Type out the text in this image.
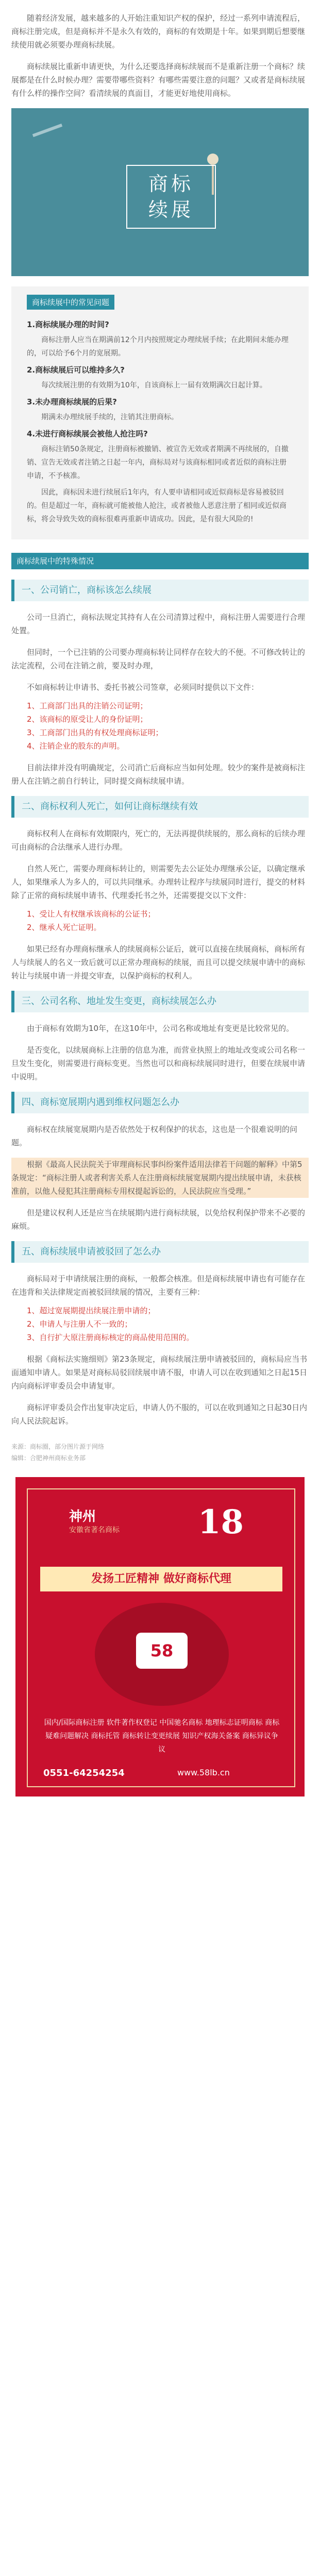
随着经济发展，越来越多的人开始注重知识产权的保护，经过一系列申请流程后，商标注册完成，但是商标并不是永久有效的，商标的有效期是十年。如果到期后想要继续使用就必须要办理商标续展。

商标续展比重新申请更快，为什么还要选择商标续展而不是重新注册一个商标？续展都是在什么时候办理？需要带哪些资料？有哪些需要注意的问题？又或者是商标续展有什么样的操作空间？看清续展的真面目，才能更好地使用商标。

商标
续展
商标续展中的常见问题
1.商标续展办理的时间?

商标注册人应当在期满前12个月内按照规定办理续展手续；在此期间未能办理的，可以给予6个月的宽展期。

2.商标续展后可以维持多久?

每次续展注册的有效期为10年，自该商标上一届有效期满次日起计算。

3.未办理商标续展的后果?

期满未办理续展手续的，注销其注册商标。

4.未进行商标续展会被他人抢注吗?

商标注销50条规定，注册商标被撤销、被宣告无效或者期满不再续展的，自撤销、宣告无效或者注销之日起一年内，商标局对与该商标相同或者近似的商标注册申请，不予核准。

因此，商标因未进行续展后1年内，有人要申请相同或近似商标是容易被驳回的。但是超过一年，商标就可能被他人抢注，或者被他人恶意注册了相同或近似商标，将会导致失效的商标很难再重新申请成功。因此，是有很大风险的!

商标续展中的特殊情况
一、公司销亡，商标该怎么续展

公司一旦消亡，商标法规定其持有人在公司清算过程中，商标注册人需要进行合理处置。

但同时，一个已注销的公司要办理商标转让同样存在较大的不便。不可修改转让的法定流程，公司在注销之前，要及时办理，

不如商标转让申请书、委托书被公司签章，必须同时提供以下文件：

1、工商部门出具的注销公司证明；
2、该商标的原受让人的身份证明；
3、工商部门出具的有权处理商标证明；
4、注销企业的股东的声明。

目前法律并没有明确规定，公司消亡后商标应当如何处理。较少的案件是被商标注册人在注销之前自行转让，同时提交商标续展申请。

二、商标权利人死亡，如何让商标继续有效

商标权利人在商标有效期限内，死亡的，无法再提供续展的，那么商标的后续办理可由商标的合法继承人进行办理。

自然人死亡，需要办理商标转让的，则需要先去公证处办理继承公证，以确定继承人，如果继承人为多人的，可以共同继承。办理转让程序与续展同时进行，提交的材料除了正常的商标续展申请书、代理委托书之外，还需要提交以下文件：

1、受让人有权继承该商标的公证书；
2、继承人死亡证明。

如果已经有办理商标继承人的续展商标公证后，就可以直接在续展商标，商标所有人与续展人的名义一致后就可以正常办理商标的续展，而且可以提交续展申请中的商标转让与续展申请一并提交审查，以保护商标的权利人。

三、公司名称、地址发生变更，商标续展怎么办

由于商标有效期为10年，在这10年中，公司名称或地址有变更是比较常见的。

是否变化，以续展商标上注册的信息为准，而营业执照上的地址改变或公司名称一旦发生变化，则需要进行商标变更。当然也可以和商标续展同时进行，但要在续展申请中说明。

四、商标宽展期内遇到维权问题怎么办

商标权在续展宽展期内是否依然处于权利保护的状态，这也是一个很难说明的问题。

根据《最高人民法院关于审理商标民事纠纷案件适用法律若干问题的解释》中第5条规定：“商标注册人或者利害关系人在注册商标续展宽展期内提出续展申请，未获核准前，以他人侵犯其注册商标专用权提起诉讼的，人民法院应当受理。”

但是建议权利人还是应当在续展期内进行商标续展，以免给权利保护带来不必要的麻烦。

五、商标续展申请被驳回了怎么办

商标局对于申请续展注册的商标，一般都会核准。但是商标续展申请也有可能存在在违背和关法律规定而被驳回续展的情况，主要有三种：

1、超过宽展期提出续展注册申请的；
2、申请人与注册人不一致的；
3、自行扩大原注册商标核定的商品使用范围的。

根据《商标法实施细则》第23条规定，商标续展注册申请被驳回的，商标局应当书面通知申请人。如果是对商标局驳回续展申请不服，申请人可以在收到通知之日起15日内向商标评审委员会申请复审。

商标评审委员会作出复审决定后，申请人仍不服的，可以在收到通知之日起30日内向人民法院起诉。

来源：商标圈，部分图片源于网络
编辑：合肥神州商标业务部
神州
安徽省著名商标 18
发扬工匠精神 做好商标代理
58
国内/国际商标注册 软件著作权登记 中国驰名商标 地理标志证明商标 商标疑难问题解决 商标托管 商标转让变更续展 知识产权海关备案 商标异议争议
0551-64254254	www.58lb.cn
